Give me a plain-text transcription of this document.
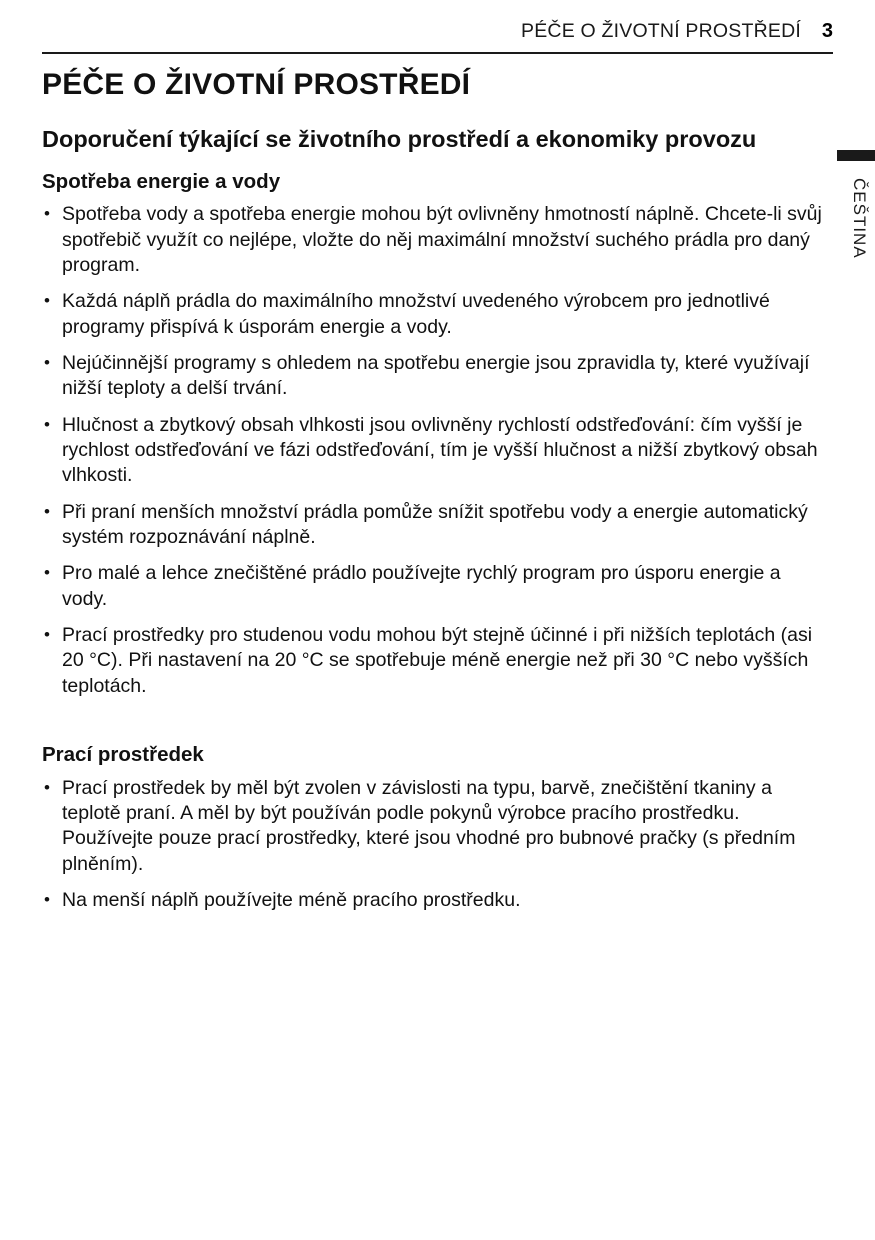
PÉČE O ŽIVOTNÍ PROSTŘEDÍ 3
ČEŠTINA
PÉČE O ŽIVOTNÍ PROSTŘEDÍ
Doporučení týkající se životního prostředí a ekonomiky provozu
Spotřeba energie a vody
• Spotřeba vody a spotřeba energie mohou být ovlivněny hmotností náplně. Chcete-li svůj spotřebič využít co nejlépe, vložte do něj maximální množství suchého prádla pro daný program.
• Každá náplň prádla do maximálního množství uvedeného výrobcem pro jednotlivé programy přispívá k úsporám energie a vody.
• Nejúčinnější programy s ohledem na spotřebu energie jsou zpravidla ty, které využívají nižší teploty a delší trvání.
• Hlučnost a zbytkový obsah vlhkosti jsou ovlivněny rychlostí odstřeďování: čím vyšší je rychlost odstřeďování ve fázi odstřeďování, tím je vyšší hlučnost a nižší zbytkový obsah vlhkosti.
• Při praní menších množství prádla pomůže snížit spotřebu vody a energie automatický systém rozpoznávání náplně.
• Pro malé a lehce znečištěné prádlo používejte rychlý program pro úsporu energie a vody.
• Prací prostředky pro studenou vodu mohou být stejně účinné i při nižších teplotách (asi 20 °C). Při nastavení na 20 °C se spotřebuje méně energie než při 30 °C nebo vyšších teplotách.
Prací prostředek
• Prací prostředek by měl být zvolen v závislosti na typu, barvě, znečištění tkaniny a teplotě praní. A měl by být používán podle pokynů výrobce pracího prostředku. Používejte pouze prací prostředky, které jsou vhodné pro bubnové pračky (s předním plněním).
• Na menší náplň používejte méně pracího prostředku.
